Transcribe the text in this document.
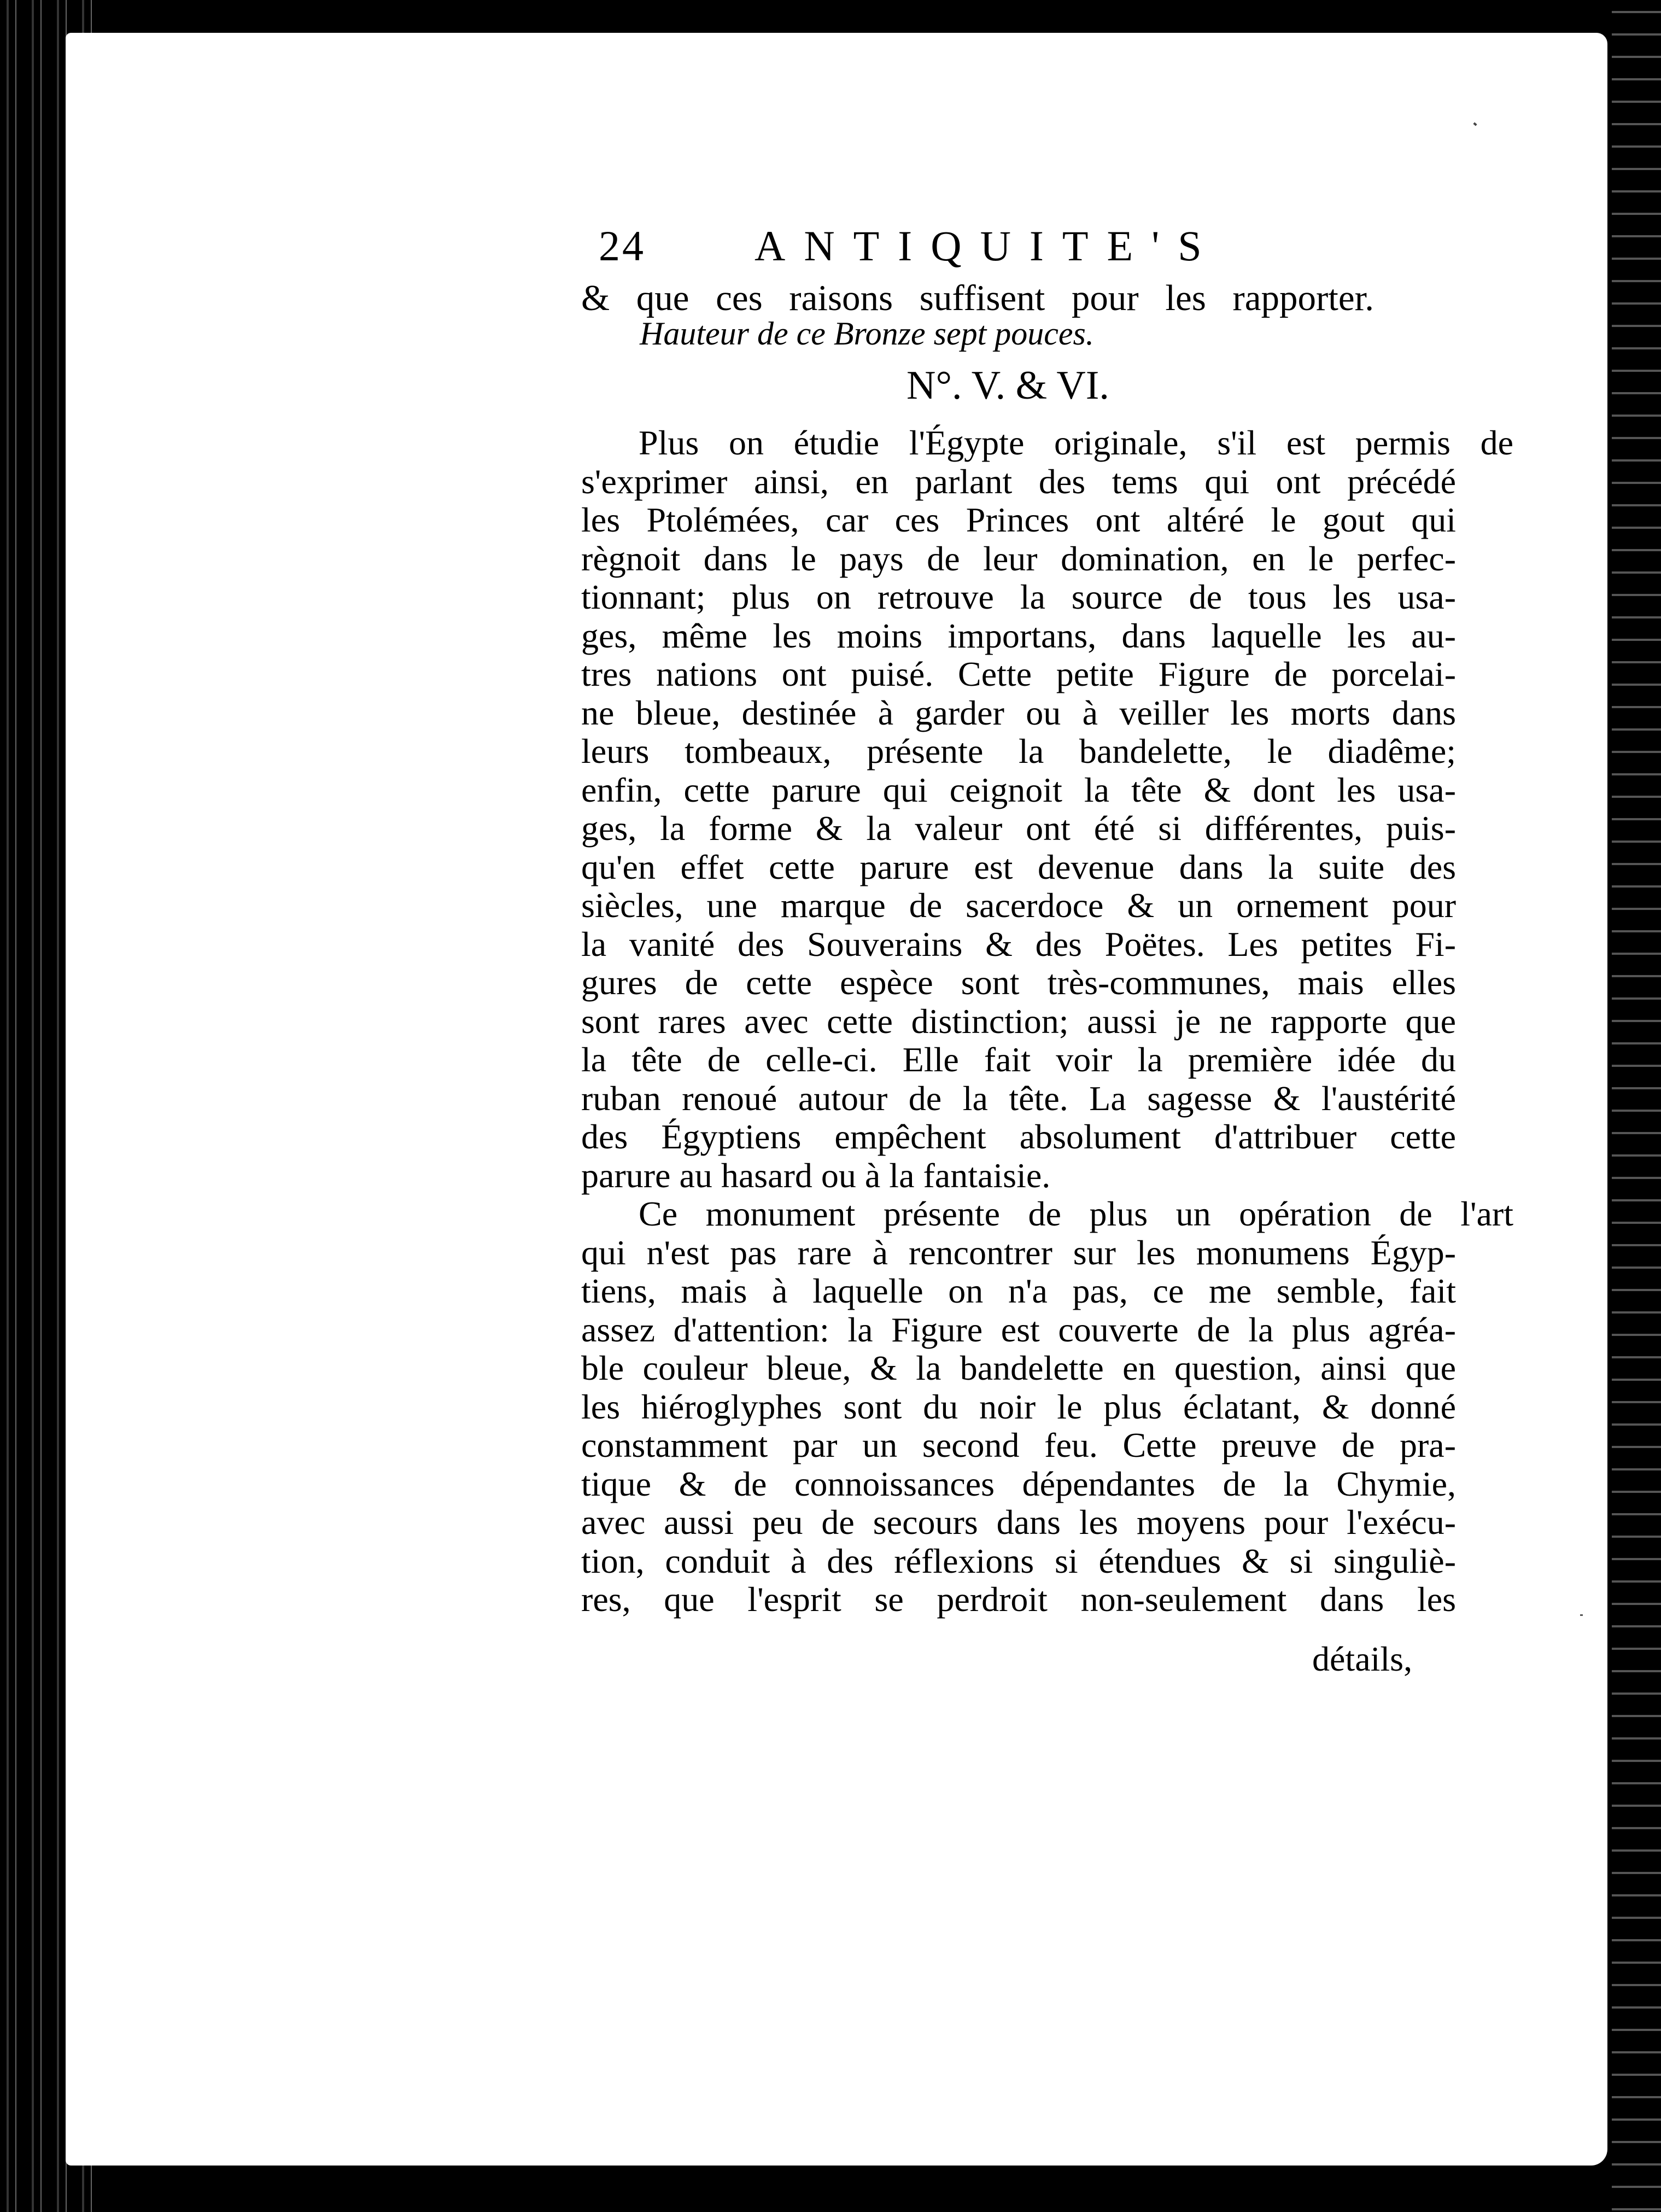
24	ANTIQUITE'S
& que ces raisons suffisent pour les rapporter.
Hauteur de ce Bronze sept pouces.
N°. V. & VI.
Plus on étudie l'Égypte originale, s'il est permis de
s'exprimer ainsi, en parlant des tems qui ont précédé
les Ptolémées, car ces Princes ont altéré le gout qui
règnoit dans le pays de leur domination, en le perfec-
tionnant; plus on retrouve la source de tous les usa-
ges, même les moins importans, dans laquelle les au-
tres nations ont puisé. Cette petite Figure de porcelai-
ne bleue, destinée à garder ou à veiller les morts dans
leurs tombeaux, présente la bandelette, le diadême;
enfin, cette parure qui ceignoit la tête & dont les usa-
ges, la forme & la valeur ont été si différentes, puis-
qu'en effet cette parure est devenue dans la suite des
siècles, une marque de sacerdoce & un ornement pour
la vanité des Souverains & des Poëtes. Les petites Fi-
gures de cette espèce sont très-communes, mais elles
sont rares avec cette distinction; aussi je ne rapporte que
la tête de celle-ci. Elle fait voir la première idée du
ruban renoué autour de la tête. La sagesse & l'austérité
des Égyptiens empêchent absolument d'attribuer cette
parure au hasard ou à la fantaisie.
Ce monument présente de plus un opération de l'art
qui n'est pas rare à rencontrer sur les monumens Égyp-
tiens, mais à laquelle on n'a pas, ce me semble, fait
assez d'attention: la Figure est couverte de la plus agréa-
ble couleur bleue, & la bandelette en question, ainsi que
les hiéroglyphes sont du noir le plus éclatant, & donné
constamment par un second feu. Cette preuve de pra-
tique & de connoissances dépendantes de la Chymie,
avec aussi peu de secours dans les moyens pour l'exécu-
tion, conduit à des réflexions si étendues & si singuliè-
res, que l'esprit se perdroit non-seulement dans les
détails,
